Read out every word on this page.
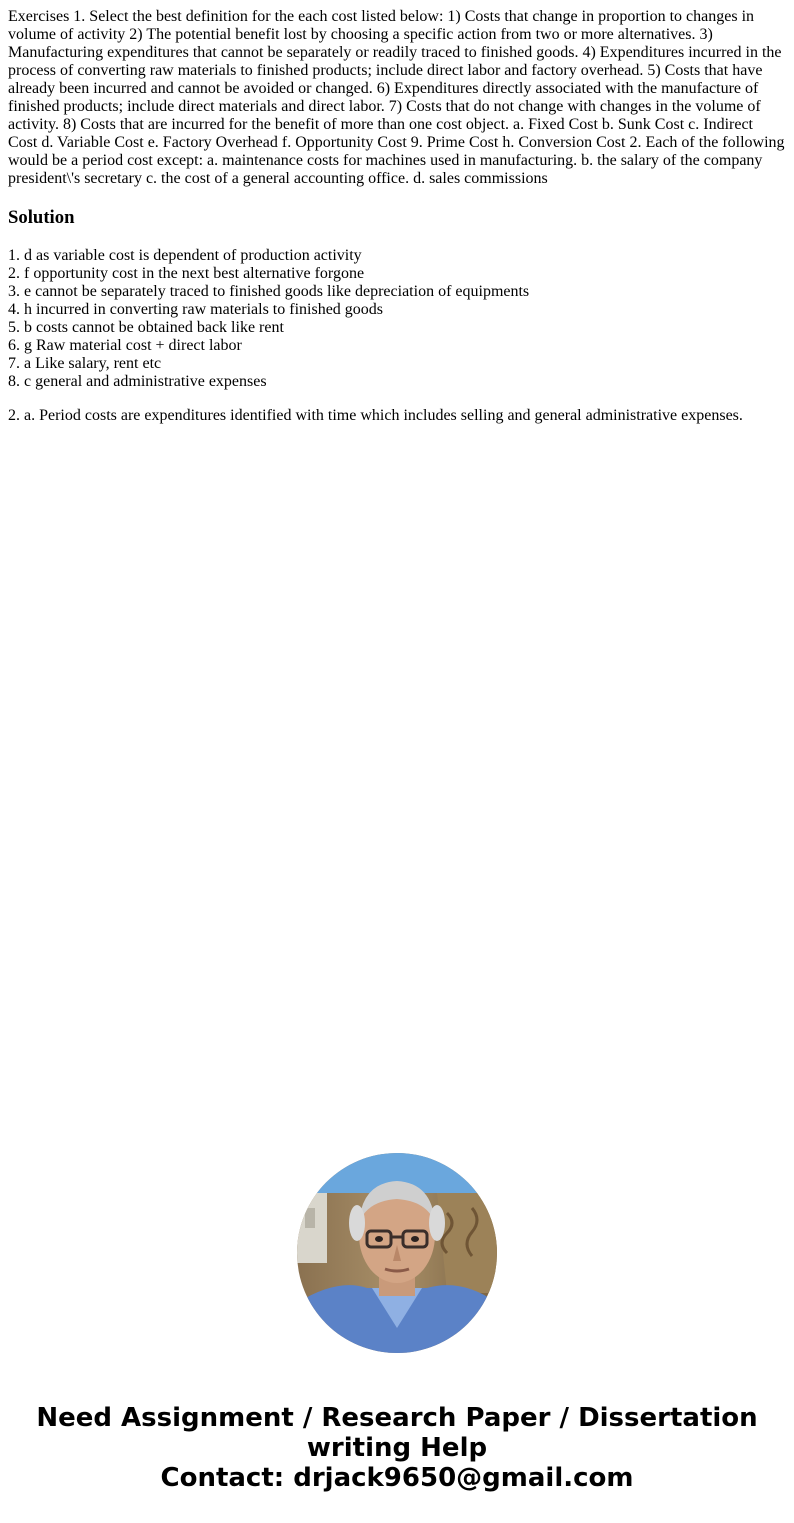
Exercises 1. Select the best definition for the each cost listed below: 1) Costs that change in proportion to changes in volume of activity 2) The potential benefit lost by choosing a specific action from two or more alternatives. 3) Manufacturing expenditures that cannot be separately or readily traced to finished goods. 4) Expenditures incurred in the process of converting raw materials to finished products; include direct labor and factory overhead. 5) Costs that have already been incurred and cannot be avoided or changed. 6) Expenditures directly associated with the manufacture of finished products; include direct materials and direct labor. 7) Costs that do not change with changes in the volume of activity. 8) Costs that are incurred for the benefit of more than one cost object. a. Fixed Cost b. Sunk Cost c. Indirect Cost d. Variable Cost e. Factory Overhead f. Opportunity Cost 9. Prime Cost h. Conversion Cost 2. Each of the following would be a period cost except: a. maintenance costs for machines used in manufacturing. b. the salary of the company president\'s secretary c. the cost of a general accounting office. d. sales commissions

Solution
1. d as variable cost is dependent of production activity
2. f opportunity cost in the next best alternative forgone
3. e cannot be separately traced to finished goods like depreciation of equipments
4. h incurred in converting raw materials to finished goods
5. b costs cannot be obtained back like rent
6. g Raw material cost + direct labor
7. a Like salary, rent etc
8. c general and administrative expenses

2. a. Period costs are expenditures identified with time which includes selling and general administrative expenses.

Need Assignment / Research Paper / Dissertation
writing Help
Contact: drjack9650@gmail.com
